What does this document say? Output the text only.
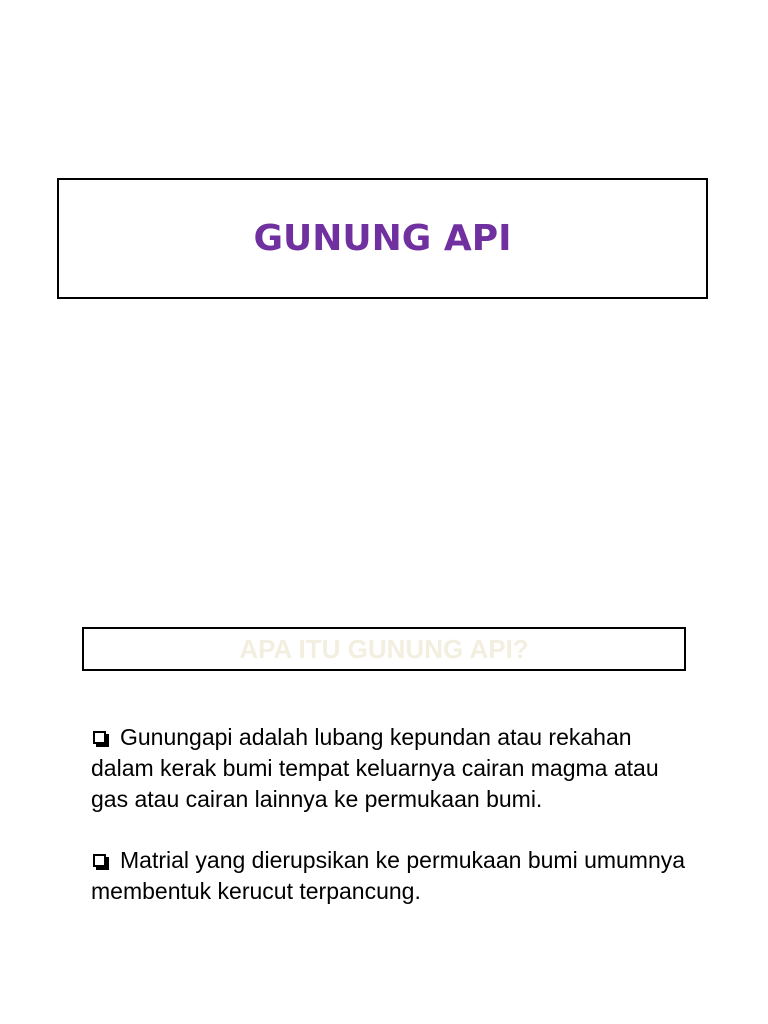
GUNUNG API
APA ITU GUNUNG API?

Gunungapi adalah lubang kepundan atau rekahan dalam kerak bumi tempat keluarnya cairan magma atau gas atau cairan lainnya ke permukaan bumi.

Matrial yang dierupsikan ke permukaan bumi umumnya membentuk kerucut terpancung.
